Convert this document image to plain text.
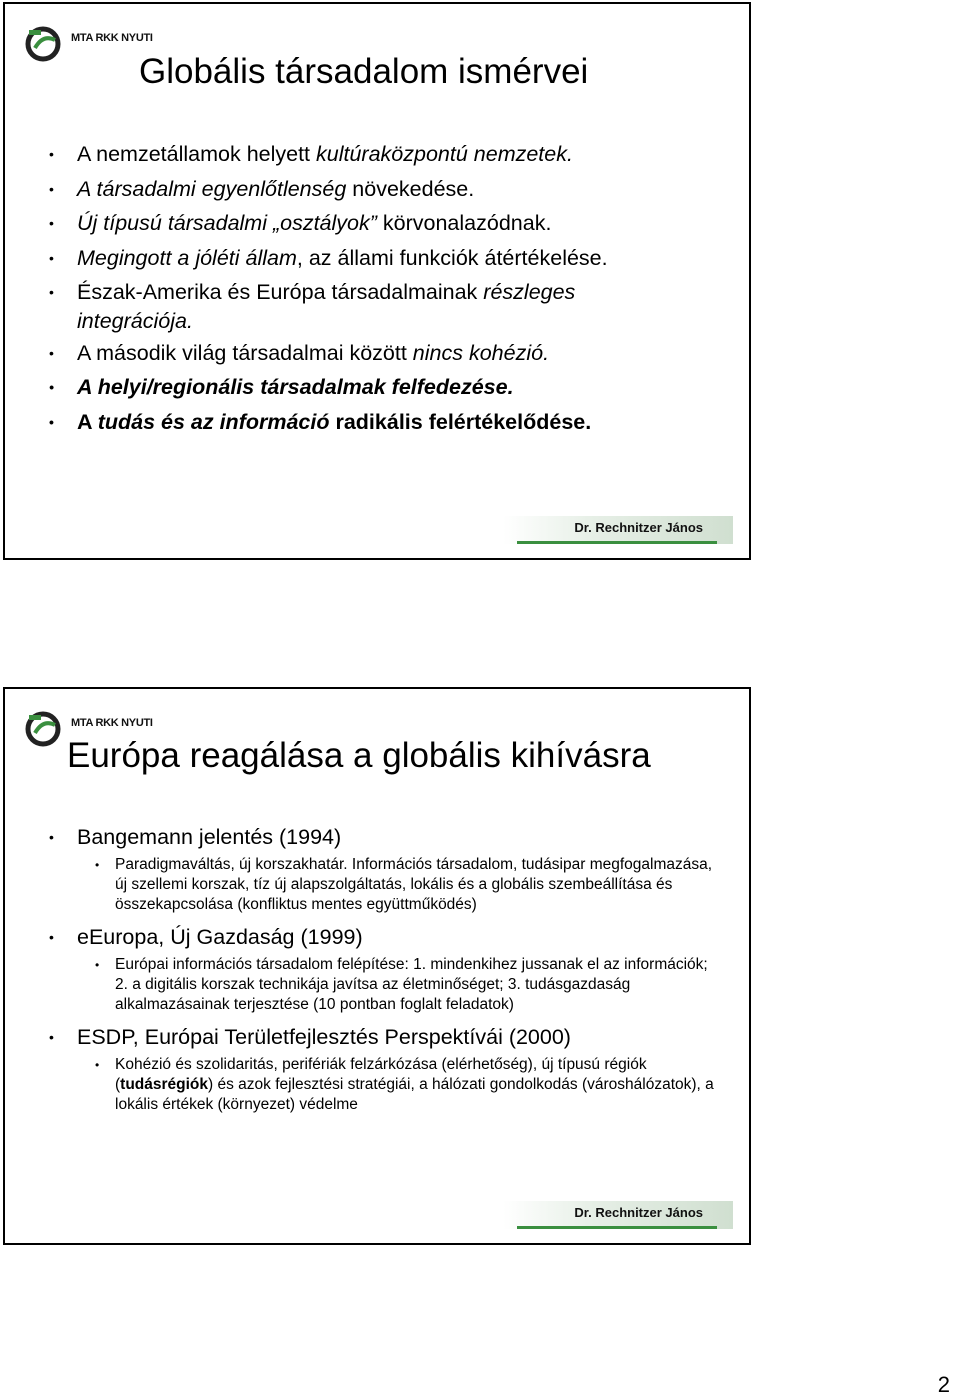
MTA RKK NYUTI
Globális társadalom ismérvei
• A nemzetállamok helyett kultúraközpontú nemzetek.
• A társadalmi egyenlőtlenség növekedése.
• Új típusú társadalmi „osztályok” körvonalazódnak.
• Megingott a jóléti állam, az állami funkciók átértékelése.
• Észak-Amerika és Európa társadalmainak részleges
integrációja.
• A második világ társadalmai között nincs kohézió.
• A helyi/regionális társadalmak felfedezése.
• A tudás és az információ radikális felértékelődése.
Dr. Rechnitzer János
MTA RKK NYUTI
Európa reagálása a globális kihívásra
• Bangemann jelentés (1994)
• Paradigmaváltás, új korszakhatár. Információs társadalom, tudásipar megfogalmazása, új szellemi korszak, tíz új alapszolgáltatás, lokális és a globális szembeállítása és összekapcsolása (konfliktus mentes együttműködés)
• eEuropa, Új Gazdaság (1999)
• Európai információs társadalom felépítése: 1. mindenkihez jussanak el az információk; 2. a digitális korszak technikája javítsa az életminőséget; 3. tudásgazdaság alkalmazásainak terjesztése (10 pontban foglalt feladatok)
• ESDP, Európai Területfejlesztés Perspektívái (2000)
• Kohézió és szolidaritás, perifériák felzárkózása (elérhetőség), új típusú régiók (tudásrégiók) és azok fejlesztési stratégiái, a hálózati gondolkodás (városhálózatok), a lokális értékek (környezet) védelme
Dr. Rechnitzer János
2
